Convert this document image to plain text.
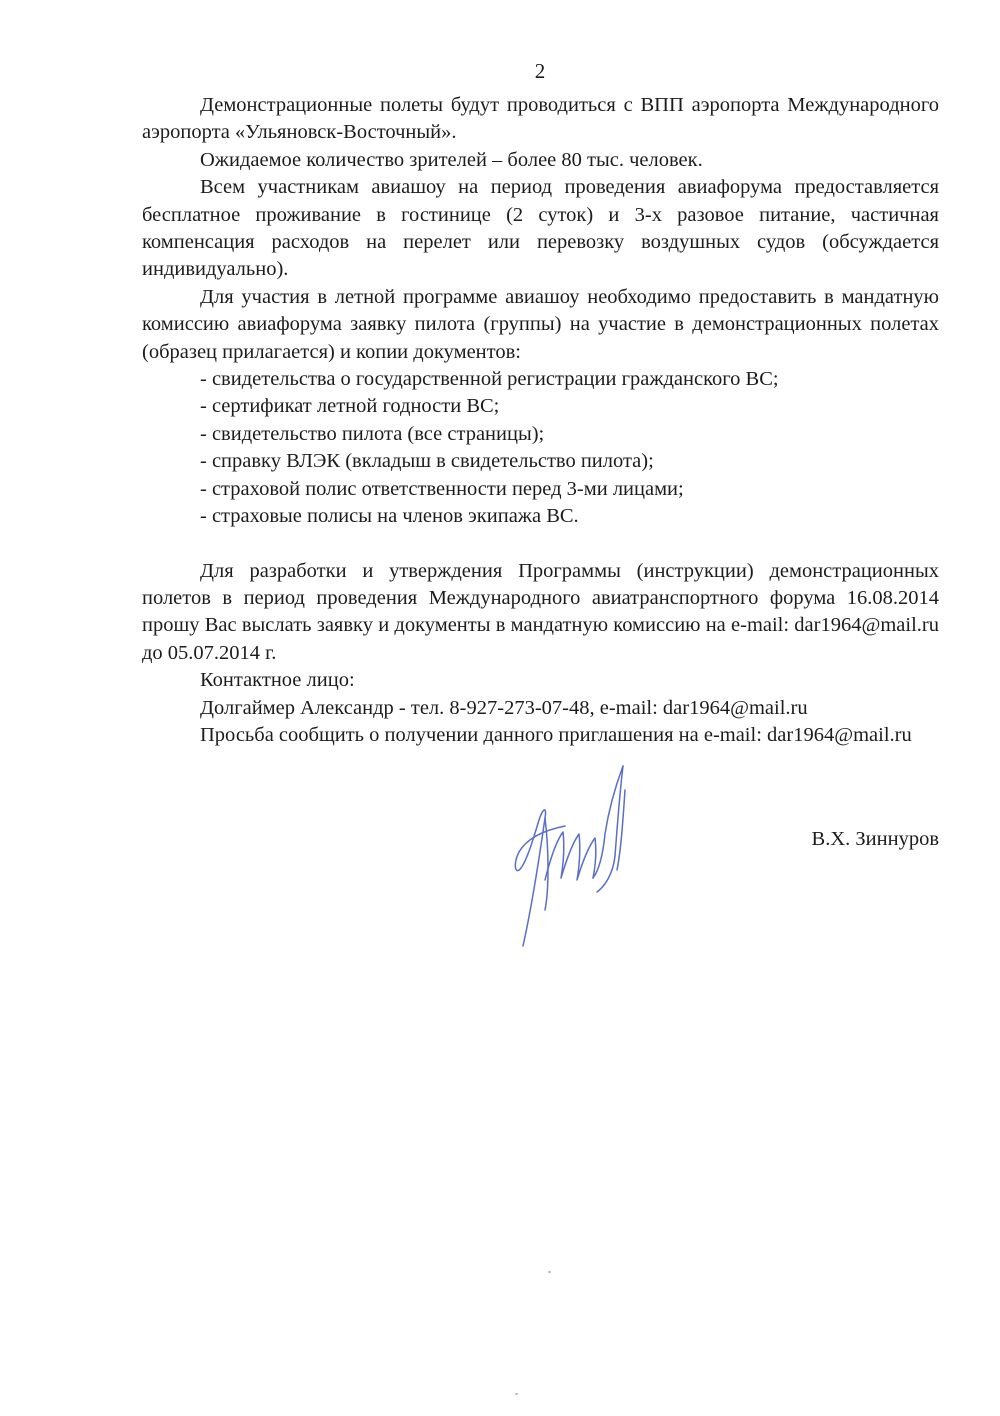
2

Демонстрационные полеты будут проводиться с ВПП аэропорта Международного аэропорта «Ульяновск-Восточный».

Ожидаемое количество зрителей – более 80 тыс. человек.

Всем участникам авиашоу на период проведения авиафорума предоставляется бесплатное проживание в гостинице (2 суток) и 3-х разовое питание, частичная компенсация расходов на перелет или перевозку воздушных судов (обсуждается индивидуально).

Для участия в летной программе авиашоу необходимо предоставить в мандатную комиссию авиафорума заявку пилота (группы) на участие в демонстрационных полетах (образец прилагается) и копии документов:

- свидетельства о государственной регистрации гражданского ВС;

- сертификат летной годности ВС;

- свидетельство пилота (все страницы);

- справку ВЛЭК (вкладыш в свидетельство пилота);

- страховой полис ответственности перед 3-ми лицами;

- страховые полисы на членов экипажа ВС.

Для разработки и утверждения Программы (инструкции) демонстрационных полетов в период проведения Международного авиатранспортного форума 16.08.2014 прошу Вас выслать заявку и документы в мандатную комиссию на e-mail: dar1964@mail.ru до 05.07.2014 г.

Контактное лицо:

Долгаймер Александр - тел. 8-927-273-07-48, e-mail: dar1964@mail.ru

Просьба сообщить о получении данного приглашения на e-mail: dar1964@mail.ru

В.Х. Зиннуров
